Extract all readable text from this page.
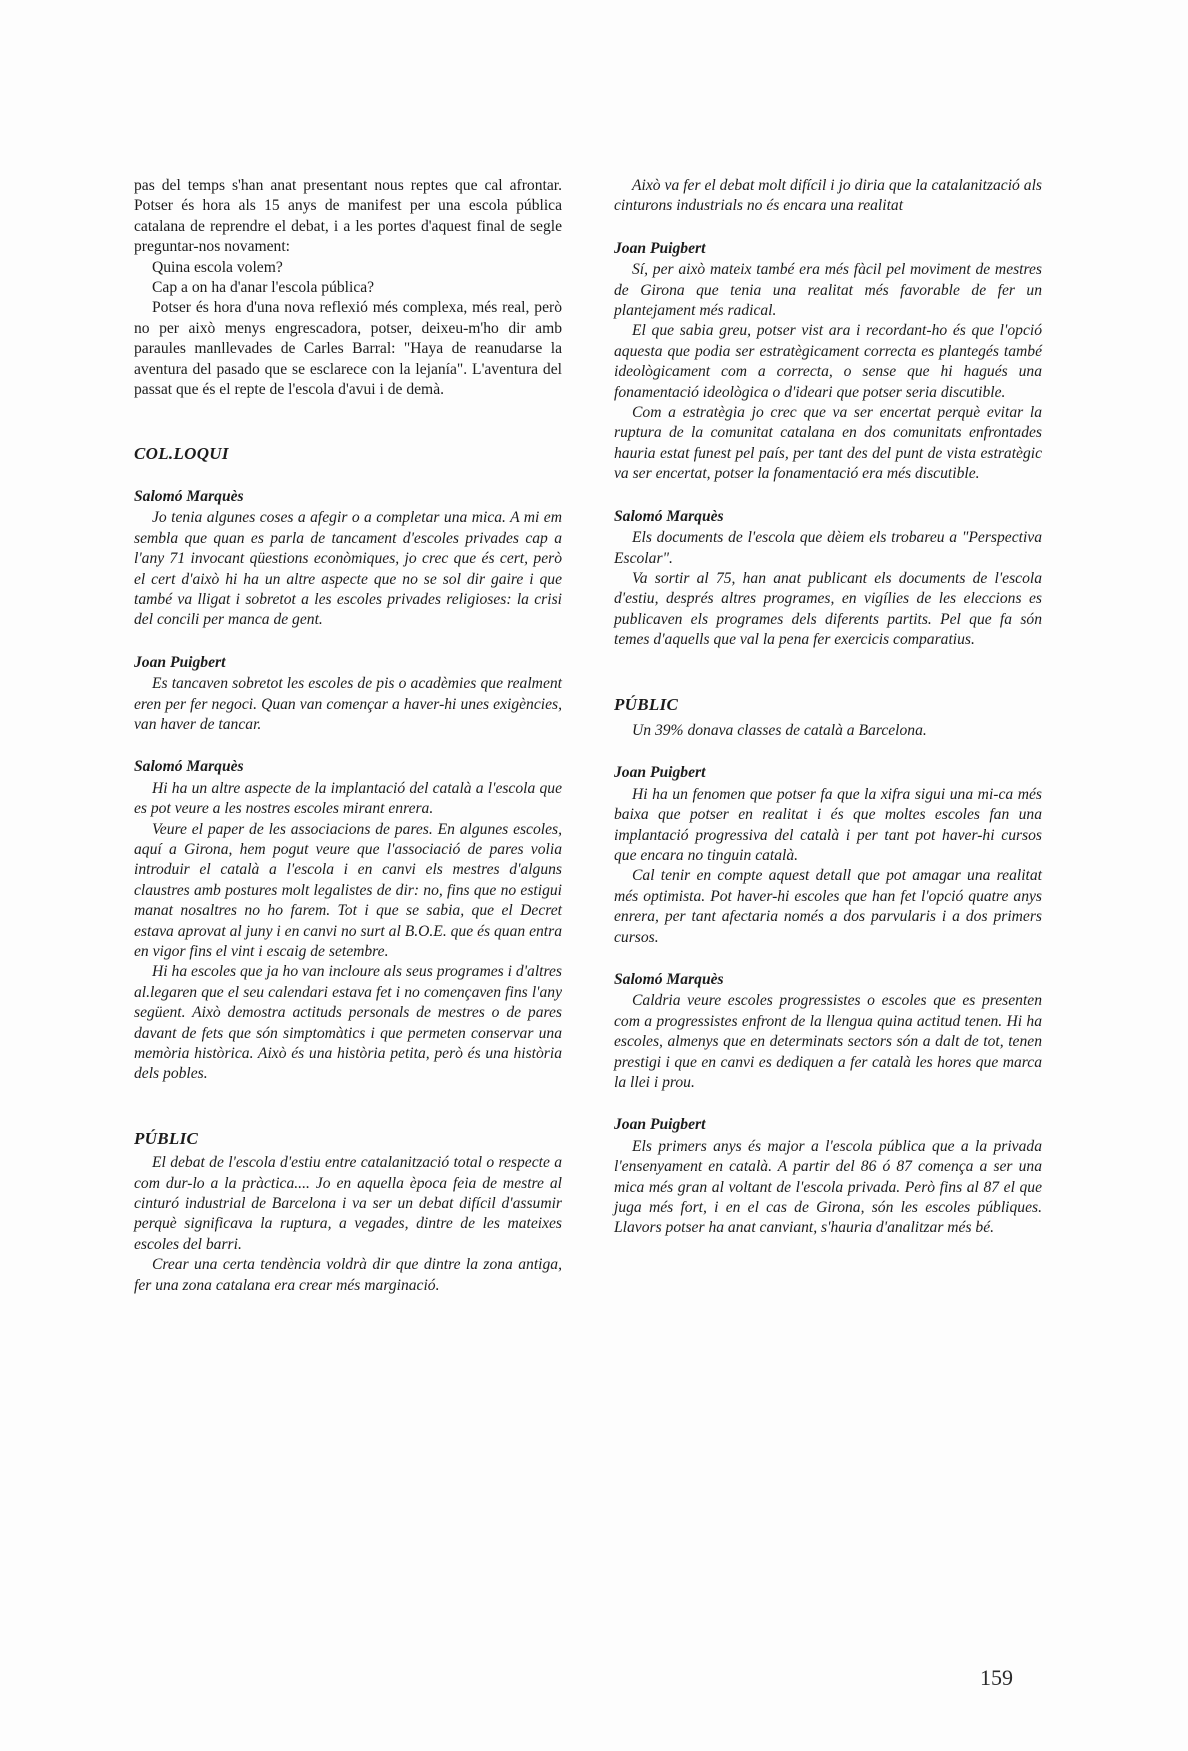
pas del temps s'han anat presentant nous reptes que cal afrontar. Potser és hora als 15 anys de manifest per una escola pública catalana de reprendre el debat, i a les portes d'aquest final de segle preguntar-nos novament:

Quina escola volem?

Cap a on ha d'anar l'escola pública?

Potser és hora d'una nova reflexió més complexa, més real, però no per això menys engrescadora, potser, deixeu-m'ho dir amb paraules manllevades de Carles Barral: "Haya de reanudarse la aventura del pasado que se esclarece con la lejanía". L'aventura del passat que és el repte de l'escola d'avui i de demà.

COL.LOQUI
Salomó Marquès

Jo tenia algunes coses a afegir o a completar una mica. A mi em sembla que quan es parla de tancament d'escoles privades cap a l'any 71 invocant qüestions econòmiques, jo crec que és cert, però el cert d'això hi ha un altre aspecte que no se sol dir gaire i que també va lligat i sobretot a les escoles privades religioses: la crisi del concili per manca de gent.

Joan Puigbert

Es tancaven sobretot les escoles de pis o acadèmies que realment eren per fer negoci. Quan van començar a haver-hi unes exigències, van haver de tancar.

Salomó Marquès

Hi ha un altre aspecte de la implantació del català a l'escola que es pot veure a les nostres escoles mirant enrera.

Veure el paper de les associacions de pares. En algunes escoles, aquí a Girona, hem pogut veure que l'associació de pares volia introduir el català a l'escola i en canvi els mestres d'alguns claustres amb postures molt legalistes de dir: no, fins que no estigui manat nosaltres no ho farem. Tot i que se sabia, que el Decret estava aprovat al juny i en canvi no surt al B.O.E. que és quan entra en vigor fins el vint i escaig de setembre.

Hi ha escoles que ja ho van incloure als seus programes i d'altres al.legaren que el seu calendari estava fet i no començaven fins l'any següent. Això demostra actituds personals de mestres o de pares davant de fets que són simptomàtics i que permeten conservar una memòria històrica. Això és una història petita, però és una història dels pobles.

PÚBLIC

El debat de l'escola d'estiu entre catalanització total o respecte a com dur-lo a la pràctica.... Jo en aquella època feia de mestre al cinturó industrial de Barcelona i va ser un debat difícil d'assumir perquè significava la ruptura, a vegades, dintre de les mateixes escoles del barri.

Crear una certa tendència voldrà dir que dintre la zona antiga, fer una zona catalana era crear més marginació.

Això va fer el debat molt difícil i jo diria que la catalanització als cinturons industrials no és encara una realitat

Joan Puigbert

Sí, per això mateix també era més fàcil pel moviment de mestres de Girona que tenia una realitat més favorable de fer un plantejament més radical.

El que sabia greu, potser vist ara i recordant-ho és que l'opció aquesta que podia ser estratègicament correcta es plantegés també ideològicament com a correcta, o sense que hi hagués una fonamentació ideològica o d'ideari que potser seria discutible.

Com a estratègia jo crec que va ser encertat perquè evitar la ruptura de la comunitat catalana en dos comunitats enfrontades hauria estat funest pel país, per tant des del punt de vista estratègic va ser encertat, potser la fonamentació era més discutible.

Salomó Marquès

Els documents de l'escola que dèiem els trobareu a "Perspectiva Escolar".

Va sortir al 75, han anat publicant els documents de l'escola d'estiu, després altres programes, en vigílies de les eleccions es publicaven els programes dels diferents partits. Pel que fa són temes d'aquells que val la pena fer exercicis comparatius.

PÚBLIC

Un 39% donava classes de català a Barcelona.

Joan Puigbert

Hi ha un fenomen que potser fa que la xifra sigui una mi-ca més baixa que potser en realitat i és que moltes escoles fan una implantació progressiva del català i per tant pot haver-hi cursos que encara no tinguin català.

Cal tenir en compte aquest detall que pot amagar una realitat més optimista. Pot haver-hi escoles que han fet l'opció quatre anys enrera, per tant afectaria només a dos parvularis i a dos primers cursos.

Salomó Marquès

Caldria veure escoles progressistes o escoles que es presenten com a progressistes enfront de la llengua quina actitud tenen. Hi ha escoles, almenys que en determinats sectors són a dalt de tot, tenen prestigi i que en canvi es dediquen a fer català les hores que marca la llei i prou.

Joan Puigbert

Els primers anys és major a l'escola pública que a la privada l'ensenyament en català. A partir del 86 ó 87 comença a ser una mica més gran al voltant de l'escola privada. Però fins al 87 el que juga més fort, i en el cas de Girona, són les escoles públiques. Llavors potser ha anat canviant, s'hauria d'analitzar més bé.

159
